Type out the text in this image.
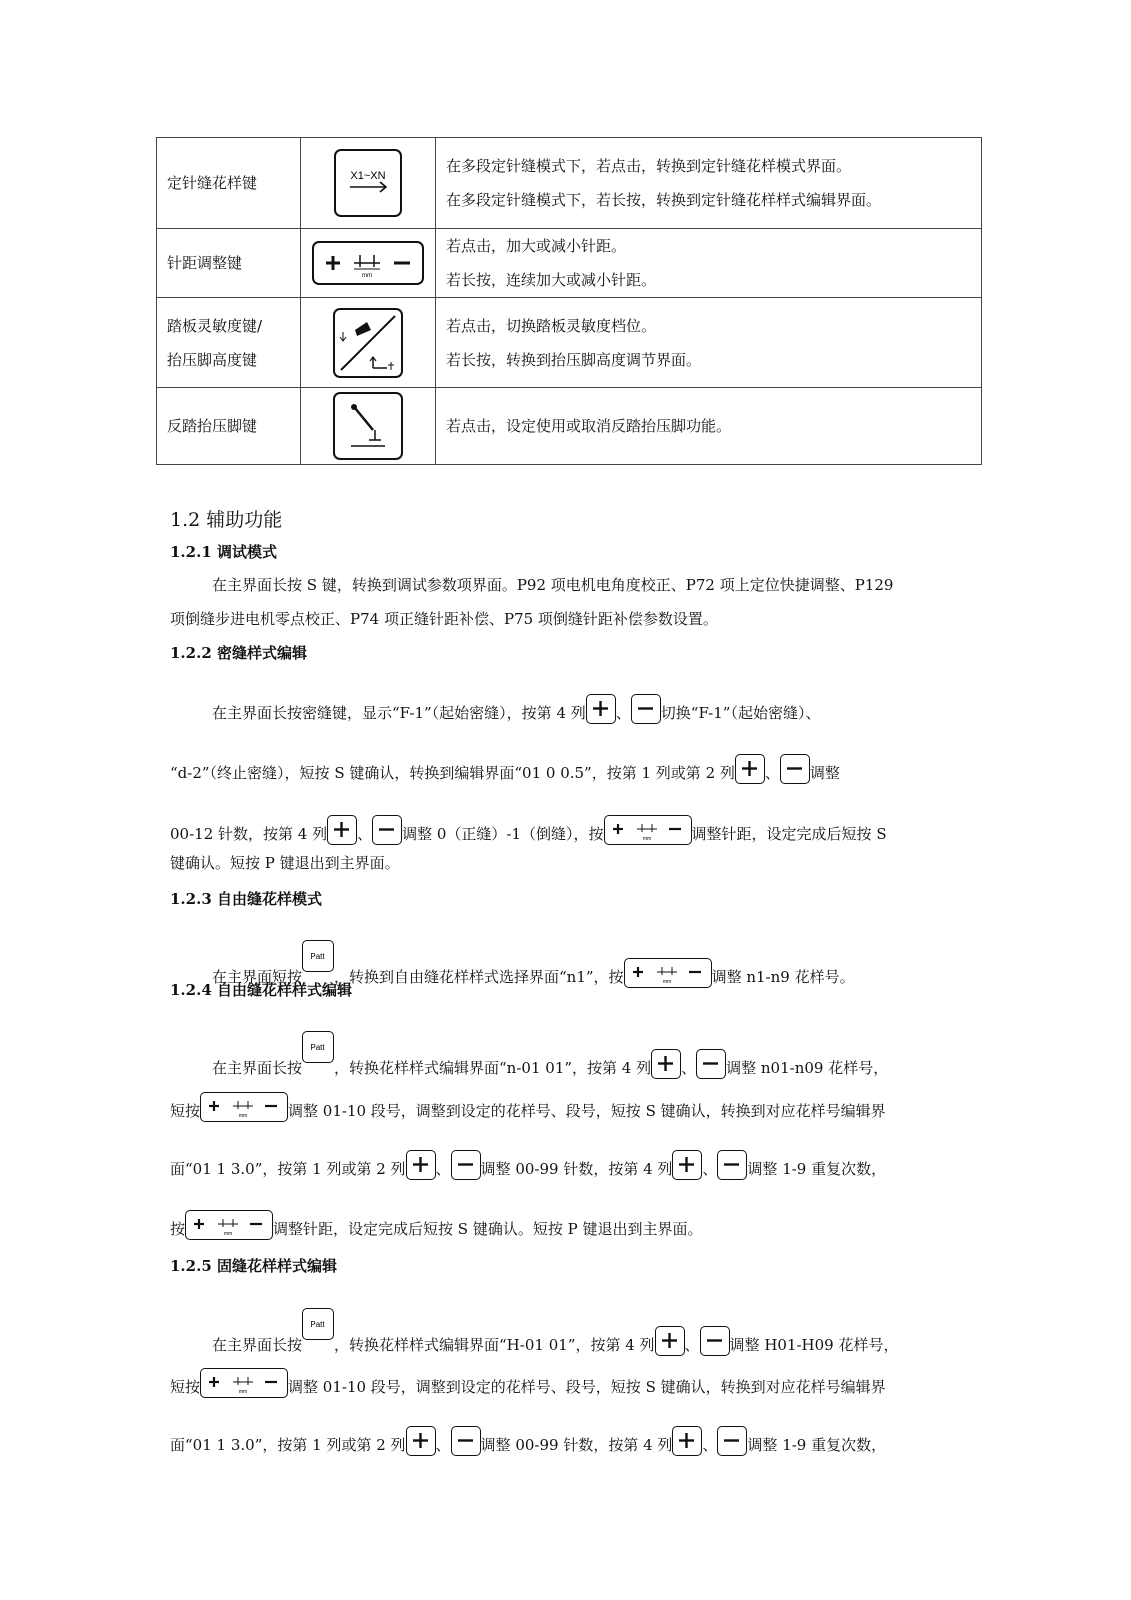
定针缝花样键	X1~XN	在多段定针缝模式下，若点击，转换到定针缝花样模式界面。
在多段定针缝模式下，若长按，转换到定针缝花样样式编辑界面。

针距调整键	mm	若点击，加大或减小针距。
若长按，连续加大或减小针距。

踏板灵敏度键/
抬压脚高度键		若点击，切换踏板灵敏度档位。
若长按，转换到抬压脚高度调节界面。

反踏抬压脚键		若点击，设定使用或取消反踏抬压脚功能。
1.2 辅助功能
1.2.1 调试模式
在主界面长按 S 键，转换到调试参数项界面。P92 项电机电角度校正、P72 项上定位快捷调整、P129
项倒缝步进电机零点校正、P74 项正缝针距补偿、P75 项倒缝针距补偿参数设置。
1.2.2 密缝样式编辑
在主界面长按密缝键，显示“F-1”（起始密缝），按第 4 列 、 切换“F-1”（起始密缝）、
“d-2”（终止密缝），短按 S 键确认，转换到编辑界面“01 0 0.5”，按第 1 列或第 2 列 、 调整
00-12 针数，按第 4 列 、 调整 0（正缝）-1（倒缝），按	mm	调整针距，设定完成后短按 S
键确认。短按 P 键退出到主界面。
1.2.3 自由缝花样模式
在主界面短按
Patt
，转换到自由缝花样样式选择界面“n1”，按	mm	调整 n1-n9 花样号。
1.2.4 自由缝花样样式编辑
在主界面长按
Patt
，转换花样样式编辑界面“n-01 01”，按第 4 列 、 调整 n01-n09 花样号，
短按	mm	调整 01-10 段号，调整到设定的花样号、段号，短按 S 键确认，转换到对应花样号编辑界
面“01 1 3.0”，按第 1 列或第 2 列 、 调整 00-99 针数，按第 4 列 、 调整 1-9 重复次数，
按	mm	调整针距，设定完成后短按 S 键确认。短按 P 键退出到主界面。
1.2.5 固缝花样样式编辑
在主界面长按
Patt
，转换花样样式编辑界面“H-01 01”，按第 4 列 、 调整 H01-H09 花样号，
短按	mm	调整 01-10 段号，调整到设定的花样号、段号，短按 S 键确认，转换到对应花样号编辑界
面“01 1 3.0”，按第 1 列或第 2 列 、 调整 00-99 针数，按第 4 列 、 调整 1-9 重复次数，
